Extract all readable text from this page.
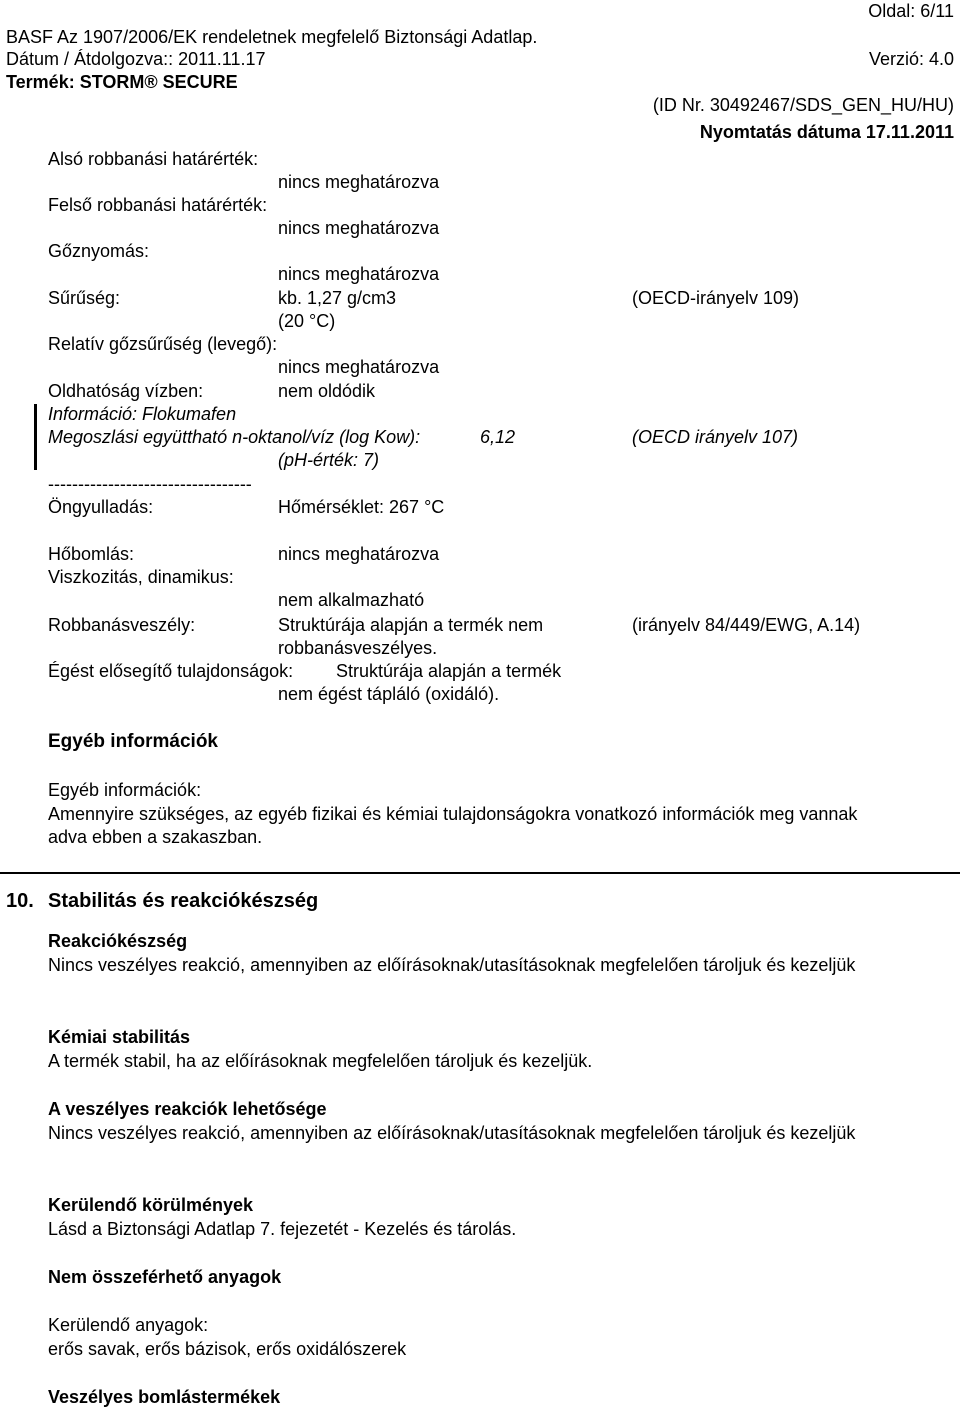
Oldal: 6/11
BASF Az 1907/2006/EK rendeletnek megfelelő Biztonsági Adatlap.
Dátum / Átdolgozva:: 2011.11.17	Verzió: 4.0
Termék: STORM® SECURE
(ID Nr. 30492467/SDS_GEN_HU/HU)
Nyomtatás dátuma 17.11.2011
Alsó robbanási határérték:
nincs meghatározva
Felső robbanási határérték:
nincs meghatározva
Gőznyomás:
nincs meghatározva
Sűrűség:	kb. 1,27 g/cm3	(OECD-irányelv 109)
(20 °C)
Relatív gőzsűrűség (levegő):
nincs meghatározva
Oldhatóság vízben:	nem oldódik
Információ: Flokumafen
Megoszlási együttható n-oktanol/víz (log Kow):	6,12	(OECD irányelv 107)
(pH-érték: 7)
----------------------------------
Öngyulladás:	Hőmérséklet: 267 °C
Hőbomlás:	nincs meghatározva
Viszkozitás, dinamikus:
nem alkalmazható
Robbanásveszély:	Struktúrája alapján a termék nem	(irányelv 84/449/EWG, A.14)
robbanásveszélyes.
Égést elősegítő tulajdonságok: Struktúrája alapján a termék
nem égést tápláló (oxidáló).
Egyéb információk
Egyéb információk:
Amennyire szükséges, az egyéb fizikai és kémiai tulajdonságokra vonatkozó információk meg vannak
adva ebben a szakaszban.
10. Stabilitás és reakciókészség
Reakciókészség
Nincs veszélyes reakció, amennyiben az előírásoknak/utasításoknak megfelelően tároljuk és kezeljük
Kémiai stabilitás
A termék stabil, ha az előírásoknak megfelelően tároljuk és kezeljük.
A veszélyes reakciók lehetősége
Nincs veszélyes reakció, amennyiben az előírásoknak/utasításoknak megfelelően tároljuk és kezeljük
Kerülendő körülmények
Lásd a Biztonsági Adatlap 7. fejezetét - Kezelés és tárolás.
Nem összeférhető anyagok
Kerülendő anyagok:
erős savak, erős bázisok, erős oxidálószerek
Veszélyes bomlástermékek
